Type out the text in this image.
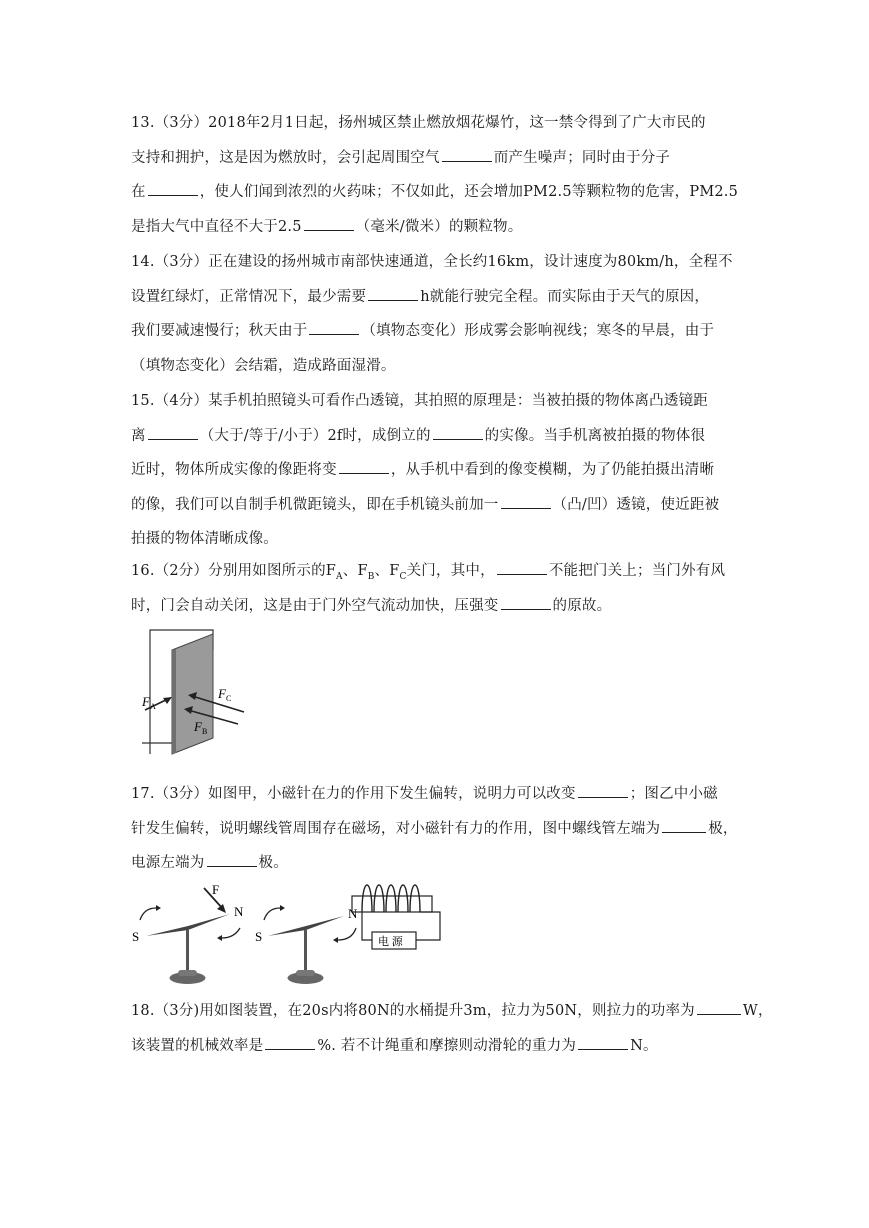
13.（3分）2018年2月1日起，扬州城区禁止燃放烟花爆竹，这一禁令得到了广大市民的
支持和拥护，这是因为燃放时，会引起周围空气	而产生噪声；同时由于分子
在	，使人们闻到浓烈的火药味；不仅如此，还会增加PM2.5等颗粒物的危害，PM2.5
是指大气中直径不大于2.5	（毫米/微米）的颗粒物。
14.（3分）正在建设的扬州城市南部快速通道，全长约16km，设计速度为80km/h，全程不
设置红绿灯，正常情况下，最少需要	h就能行驶完全程。而实际由于天气的原因，
我们要减速慢行；秋天由于	（填物态变化）形成雾会影响视线；寒冬的早晨，由于
（填物态变化）会结霜，造成路面湿滑。
15.（4分）某手机拍照镜头可看作凸透镜，其拍照的原理是：当被拍摄的物体离凸透镜距
离	（大于/等于/小于）2f时，成倒立的	的实像。当手机离被拍摄的物体很
近时，物体所成实像的像距将变	，从手机中看到的像变模糊，为了仍能拍摄出清晰
的像，我们可以自制手机微距镜头，即在手机镜头前加一	（凸/凹）透镜，使近距被
拍摄的物体清晰成像。
16.（2分）分别用如图所示的$F_A$、$F_B$、$F_C$关门，其中，	不能把门关上；当门外有风
时，门会自动关闭，这是由于门外空气流动加快，压强变	的原故。
F A
F C
F B
17.（3分）如图甲，小磁针在力的作用下发生偏转，说明力可以改变	；图乙中小磁
针发生偏转，说明螺线管周围存在磁场，对小磁针有力的作用，图中螺线管左端为	极，
电源左端为	极。
S
F
N
S
N
电 源
18.（3分)用如图装置，在20s内将80N的水桶提升3m，拉力为50N，则拉力的功率为	W，
该装置的机械效率是	%. 若不计绳重和摩擦则动滑轮的重力为	N。
